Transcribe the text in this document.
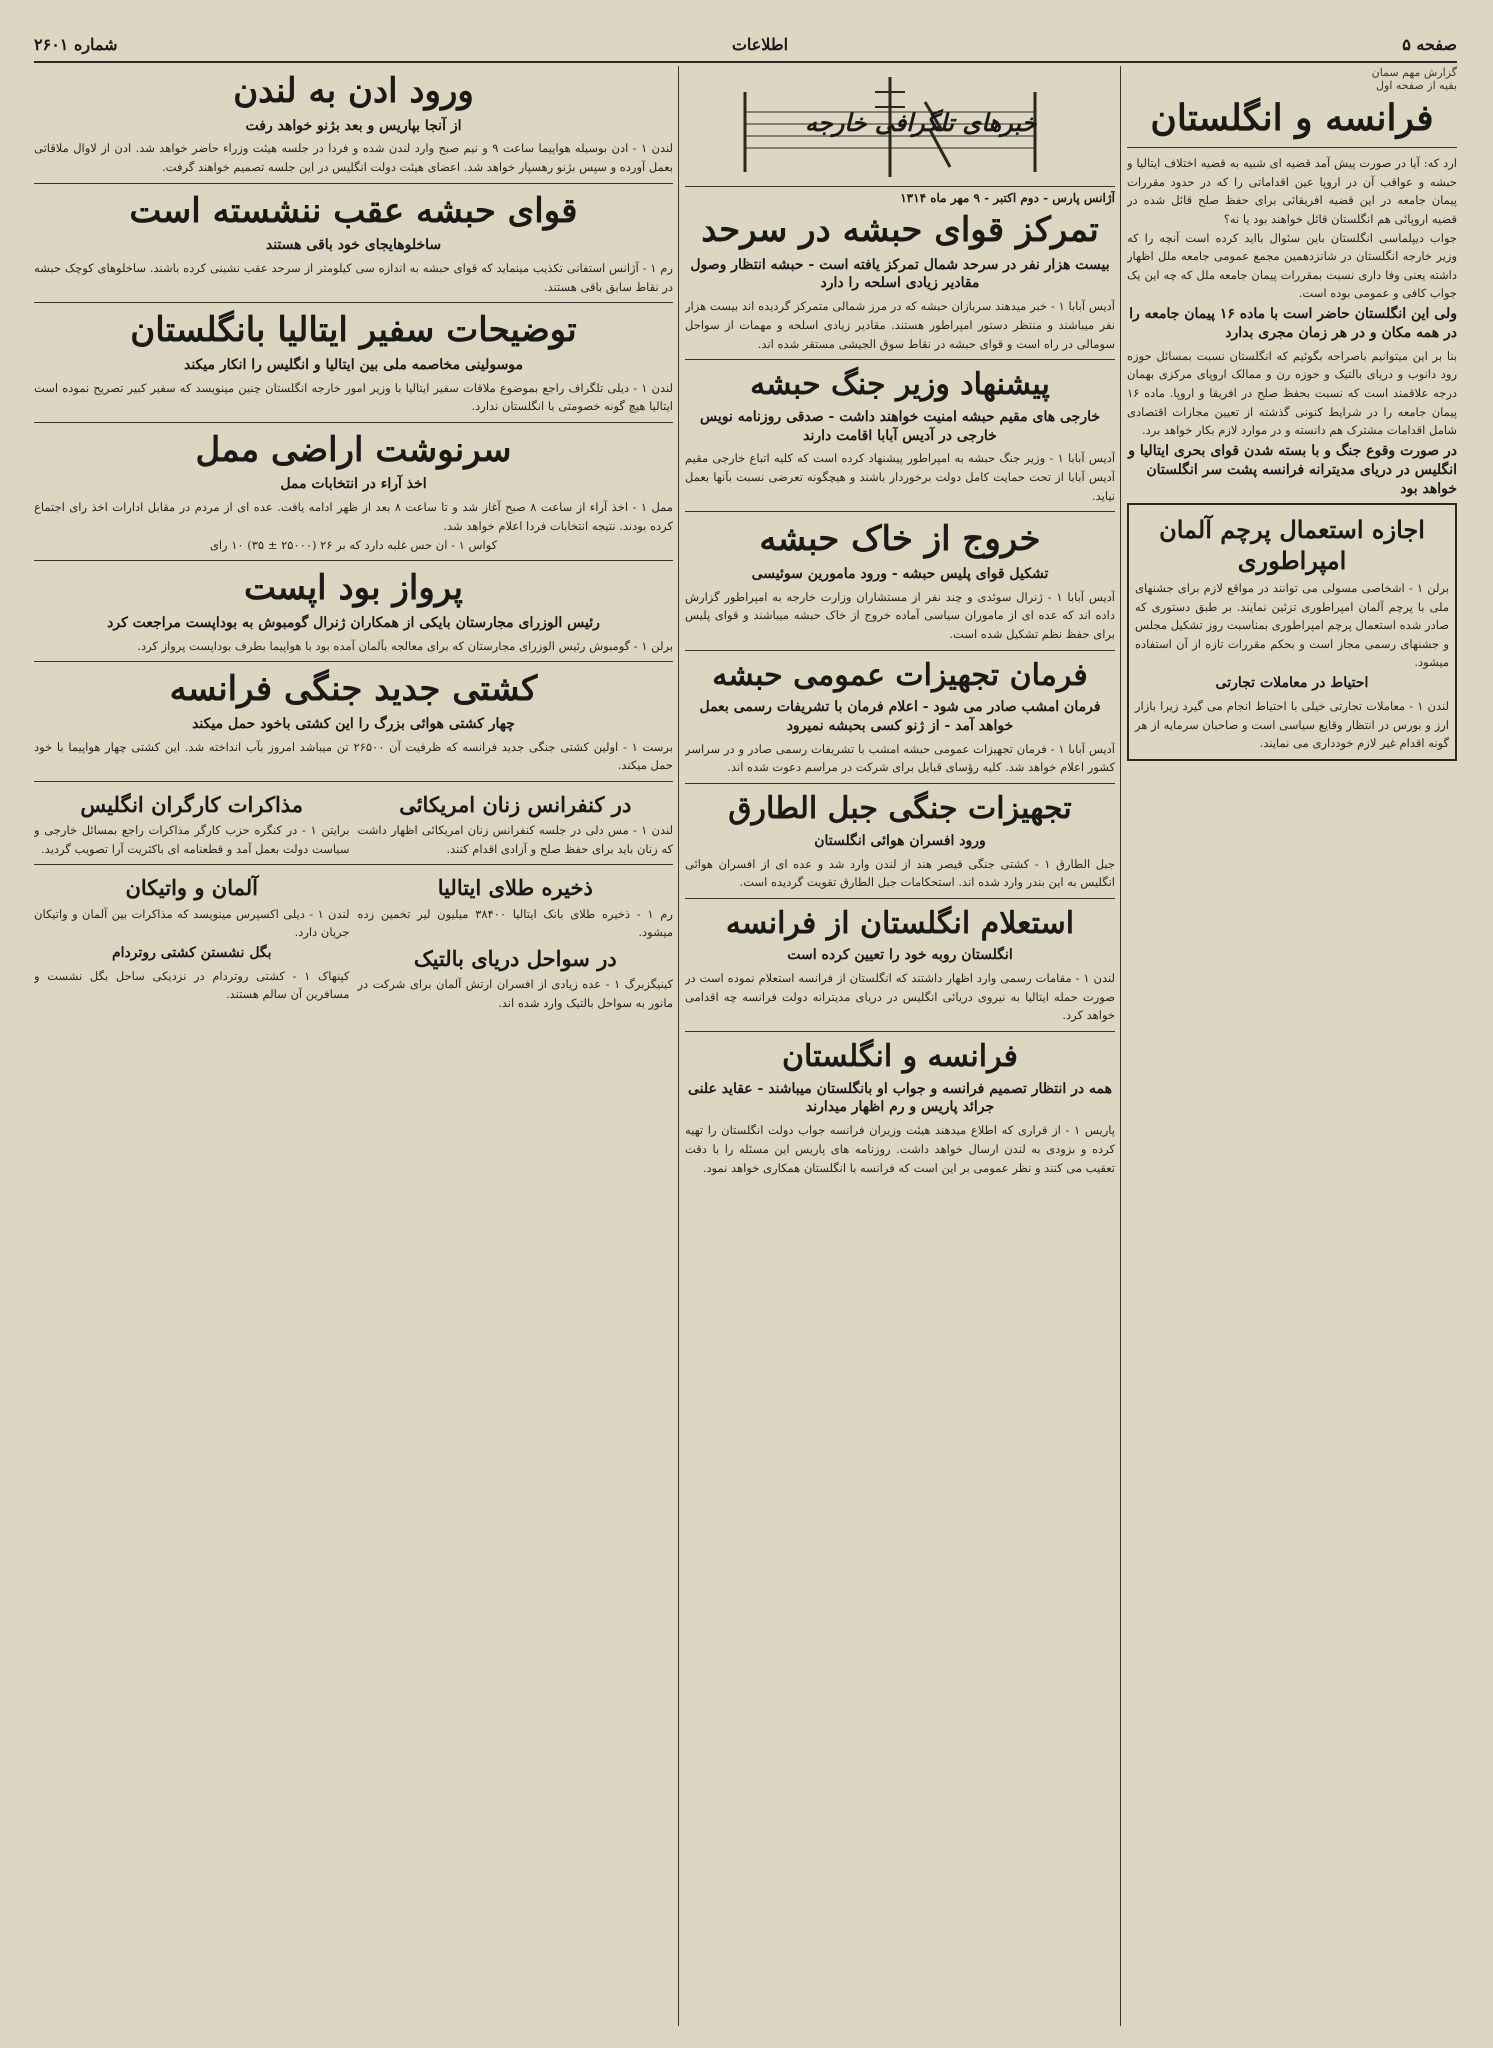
صفحه ۵
اطلاعات
شماره ۲۶۰۱
گزارش مهم سمان
بقیه از صفحه اول
فرانسه و انگلستان
ارد که: آیا در صورت پیش آمد قضیه ای شبیه به قضیه اختلاف ایتالیا و حبشه و عواقب آن در اروپا عین اقداماتی را که در حدود مقررات پیمان جامعه در این قضیه افریقائی برای حفظ صلح قائل شده در قضیه اروپائی هم انگلستان قائل خواهند بود یا نه؟
جواب دیپلماسی انگلستان باین سئوال بااید کرده است آنچه را که وزیر خارجه انگلستان در شانزدهمین مجمع عمومی جامعه ملل اظهار داشته یعنی وفا داری نسبت بمقررات پیمان جامعه ملل که چه این یک جواب کافی و عمومی بوده است.
ولی این انگلستان حاضر است با ماده ۱۶ پیمان جامعه را در همه مکان و در هر زمان مجری بدارد
بنا بر این میتوانیم باصراحه بگوئیم که انگلستان نسبت بمسائل حوزه رود دانوب و دریای بالتیک و حوزه رن و ممالک اروپای مرکزی بهمان درجه علاقمند است که نسبت بحفظ صلح در افریقا و اروپا. ماده ۱۶ پیمان جامعه را در شرایط کنونی گذشته از تعیین مجازات اقتصادی شامل اقدامات مشترک هم دانسته و در موارد لازم بکار خواهد برد.
در صورت وقوع جنگ و با بسته شدن قوای بحری ایتالیا و انگلیس در دریای مدیترانه فرانسه پشت سر انگلستان خواهد بود
اجازه استعمال پرچم آلمان امپراطوری
برلن ۱ - اشخاصی مسولی می توانند در مواقع لازم برای جشنهای ملی با پرچم آلمان امپراطوری تزئین نمایند. بر طبق دستوری که صادر شده استعمال پرچم امپراطوری بمناسبت روز تشکیل مجلس و جشنهای رسمی مجاز است و بحکم مقررات تازه از آن استفاده میشود.
احتیاط در معاملات تجارتی
لندن ۱ - معاملات تجارتی خیلی با احتیاط انجام می گیرد زیرا بازار ارز و بورس در انتظار وقایع سیاسی است و صاحبان سرمایه از هر گونه اقدام غیر لازم خودداری می نمایند.
خبرهای تلگرافی خارجه
آژانس پارس - دوم اکتبر - ۹ مهر ماه ۱۳۱۴
تمرکز قوای حبشه در سرحد
بیست هزار نفر در سرحد شمال تمرکز یافته است - حبشه انتظار وصول مقادیر زیادی اسلحه را دارد
آدیس آبابا ۱ - خبر میدهند سربازان حبشه که در مرز شمالی متمرکز گردیده اند بیست هزار نفر میباشند و منتظر دستور امپراطور هستند. مقادیر زیادی اسلحه و مهمات از سواحل سومالی در راه است و قوای حبشه در نقاط سوق الجیشی مستقر شده اند.
پیشنهاد وزیر جنگ حبشه
خارجی های مقیم حبشه امنیت خواهند داشت - صدقی روزنامه نویس خارجی در آدیس آبابا اقامت دارند
آدیس آبابا ۱ - وزیر جنگ حبشه به امپراطور پیشنهاد کرده است که کلیه اتباع خارجی مقیم آدیس آبابا از تحت حمایت کامل دولت برخوردار باشند و هیچگونه تعرضی نسبت بآنها بعمل نیاید.
خروج از خاک حبشه
تشکیل قوای پلیس حبشه - ورود مامورین سوئیسی
آدیس آبابا ۱ - ژنرال سوئدی و چند نفر از مستشاران وزارت خارجه به امپراطور گزارش داده اند که عده ای از ماموران سیاسی آماده خروج از خاک حبشه میباشند و قوای پلیس برای حفظ نظم تشکیل شده است.
فرمان تجهیزات عمومی حبشه
فرمان امشب صادر می شود - اعلام فرمان با تشریفات رسمی بعمل خواهد آمد - از ژنو کسی بحبشه نمیرود
آدیس آبابا ۱ - فرمان تجهیزات عمومی حبشه امشب با تشریفات رسمی صادر و در سراسر کشور اعلام خواهد شد. کلیه رؤسای قبایل برای شرکت در مراسم دعوت شده اند.
تجهیزات جنگی جبل الطارق
ورود افسران هوائی انگلستان
جبل الطارق ۱ - کشتی جنگی قیصر هند از لندن وارد شد و عده ای از افسران هوائی انگلیس به این بندر وارد شده اند. استحکامات جبل الطارق تقویت گردیده است.
استعلام انگلستان از فرانسه
انگلستان روبه خود را تعیین کرده است
لندن ۱ - مقامات رسمی وارد اظهار داشتند که انگلستان از فرانسه استعلام نموده است در صورت حمله ایتالیا به نیروی دریائی انگلیس در دریای مدیترانه دولت فرانسه چه اقدامی خواهد کرد.
فرانسه و انگلستان
همه در انتظار تصمیم فرانسه و جواب او بانگلستان میباشند - عقاید علنی جرائد پاریس و رم اظهار میدارند
پاریس ۱ - از قراری که اطلاع میدهند هیئت وزیران فرانسه جواب دولت انگلستان را تهیه کرده و بزودی به لندن ارسال خواهد داشت. روزنامه های پاریس این مسئله را با دقت تعقیب می کنند و نظر عمومی بر این است که فرانسه با انگلستان همکاری خواهد نمود.
ورود ادن به لندن
از آنجا بپاریس و بعد بژنو خواهد رفت
لندن ۱ - ادن بوسیله هواپیما ساعت ۹ و نیم صبح وارد لندن شده و فردا در جلسه هیئت وزراء حاضر خواهد شد. ادن از لاوال ملاقاتی بعمل آورده و سپس بژنو رهسپار خواهد شد. اعضای هیئت دولت انگلیس در این جلسه تصمیم خواهند گرفت.
قوای حبشه عقب ننشسته است
ساخلوهایجای خود باقی هستند
رم ۱ - آژانس استفانی تکذیب مینماید که قوای حبشه به اندازه سی کیلومتر از سرحد عقب نشینی کرده باشند. ساخلوهای کوچک حبشه در نقاط سابق باقی هستند.
توضیحات سفیر ایتالیا بانگلستان
موسولینی مخاصمه ملی بین ایتالیا و انگلیس را انکار میکند
لندن ۱ - دیلی تلگراف راجع بموضوع ملاقات سفیر ایتالیا با وزیر امور خارجه انگلستان چنین مینویسد که سفیر کبیر تصریح نموده است ایتالیا هیچ گونه خصومتی با انگلستان ندارد.
سرنوشت اراضی ممل
اخذ آراء در انتخابات ممل
ممل ۱ - اخذ آراء از ساعت ۸ صبح آغاز شد و تا ساعت ۸ بعد از ظهر ادامه یافت. عده ای از مردم در مقابل ادارات اخذ رای اجتماع کرده بودند. نتیجه انتخابات فردا اعلام خواهد شد.
کواس ۱ - ان حس غلبه دارد که بر ۲۶ (۲۵۰۰۰ ± ۳۵) ۱۰ رای
پرواز بود اپست
رئیس الوزرای مجارستان بایکی از همکاران ژنرال گومبوش به بوداپست مراجعت کرد
برلن ۱ - گومبوش رئیس الوزرای مجارستان که برای معالجه بآلمان آمده بود با هواپیما بطرف بوداپست پرواز کرد.
کشتی جدید جنگی فرانسه
چهار کشتی هوائی بزرگ را این کشتی باخود حمل میکند
برست ۱ - اولین کشتی جنگی جدید فرانسه که ظرفیت آن ۲۶۵۰۰ تن میباشد امروز بآب انداخته شد. این کشتی چهار هواپیما با خود حمل میکند.
در کنفرانس زنان امریکائی
لندن ۱ - مس دلی در جلسه کنفرانس زنان امریکائی اظهار داشت که زنان باید برای حفظ صلح و آزادی اقدام کنند.
مذاکرات کارگران انگلیس
برایتن ۱ - در کنگره حزب کارگر مذاکرات راجع بمسائل خارجی و سیاست دولت بعمل آمد و قطعنامه ای باکثریت آرا تصویب گردید.
ذخیره طلای ایتالیا
رم ۱ - ذخیره طلای بانک ایتالیا ۳۸۴۰۰ میلیون لیر تخمین زده میشود.
در سواحل دریای بالتیک
کینیگزبرگ ۱ - عده زیادی از افسران ارتش آلمان برای شرکت در مانور به سواحل بالتیک وارد شده اند.
آلمان و واتیکان
لندن ۱ - دیلی اکسپرس مینویسد که مذاکرات بین آلمان و واتیکان جریان دارد.
بگل نشستن کشتی روتردام
کپنهاک ۱ - کشتی روتردام در نزدیکی ساحل بگل نشست و مسافرین آن سالم هستند.
